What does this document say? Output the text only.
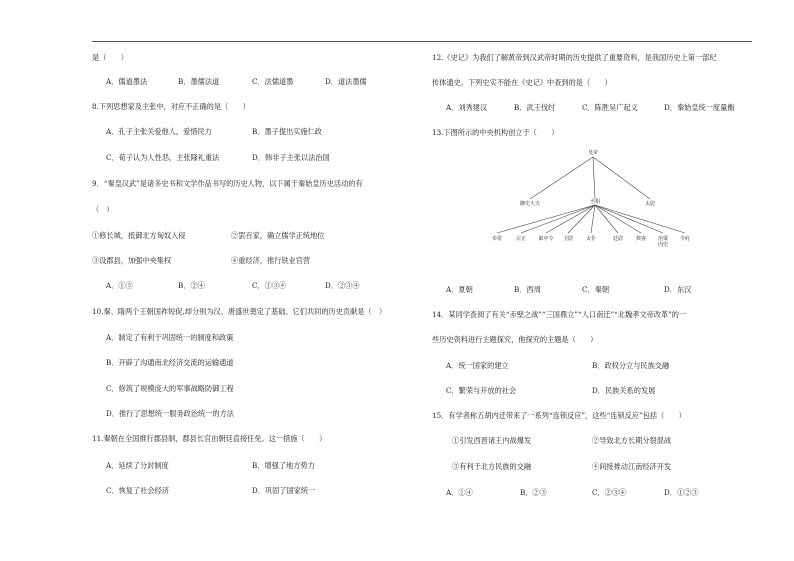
是（　　）
A．儒道墨法	B．墨儒法道	C．法儒道墨	D．道法墨儒
8.下列思想家及主张中，对应不正确的是（　　）
A．孔子主张关爱他人，爱惜民力	B．墨子提出实施仁政
C．荀子认为人性恶，主张隆礼重法	D．韩非子主张以法治国
9．“秦皇汉武”是诸多史书和文学作品书写的历史人物，以下属于秦始皇历史活动的有
（　）
①修长城，抵御北方匈奴入侵	②罢百家，确立儒学正统地位
③设郡县，加强中央集权	④重经济，推行铁业官营
A．①③	B．②④	C．①③④	D．②③④
10.秦、隋两个王朝国祚短促,却分别为汉、唐盛世奠定了基础。它们共同的历史贡献是（　）
A．制定了有利于巩固统一的制度和政策
B．开辟了沟通南北经济交流的运输通道
C．修筑了规模庞大的军事战略防御工程
D．推行了思想统一服务政治统一的方法
11.秦朝在全国推行郡县制，郡县长官由朝廷直接任免。这一措施（　　）
A．延续了分封制度	B．增强了地方势力
C．恢复了社会经济	D．巩固了国家统一
12.《史记》为我们了解黄帝到汉武帝时期的历史提供了重要资料，是我国历史上第一部纪
传体通史。下列史实不能在《史记》中查到的是（　　）
A．刘秀建汉	B．武王伐纣	C．陈胜吴广起义	D．秦始皇统一度量衡
13.下图所示的中央机构创立于（　　）
皇帝
御史大夫	丞相	太尉
奉常	宗正 郎中令 卫尉	太仆	廷尉	典客 治粟
内史
少府
A．夏朝	B．西周	C．秦朝	D．东汉
14．某同学查阅了有关“赤壁之战”“三国鼎立”“人口南迁”“北魏孝文帝改革”的一
些历史资料进行主题探究，他探究的主题是（　　）
A．统一国家的建立	B．政权分立与民族交融
C．繁荣与开放的社会	D．民族关系的发展
15．有学者称五胡内迁带来了一系列“连锁反应”，这些“连锁反应”包括（　　）
①引发西晋诸王内战爆发	②导致北方长期分裂混战
③有利于北方民族的交融	④间接推动江南经济开发
A．①④	B．②③	C．②③④	D．①②③
